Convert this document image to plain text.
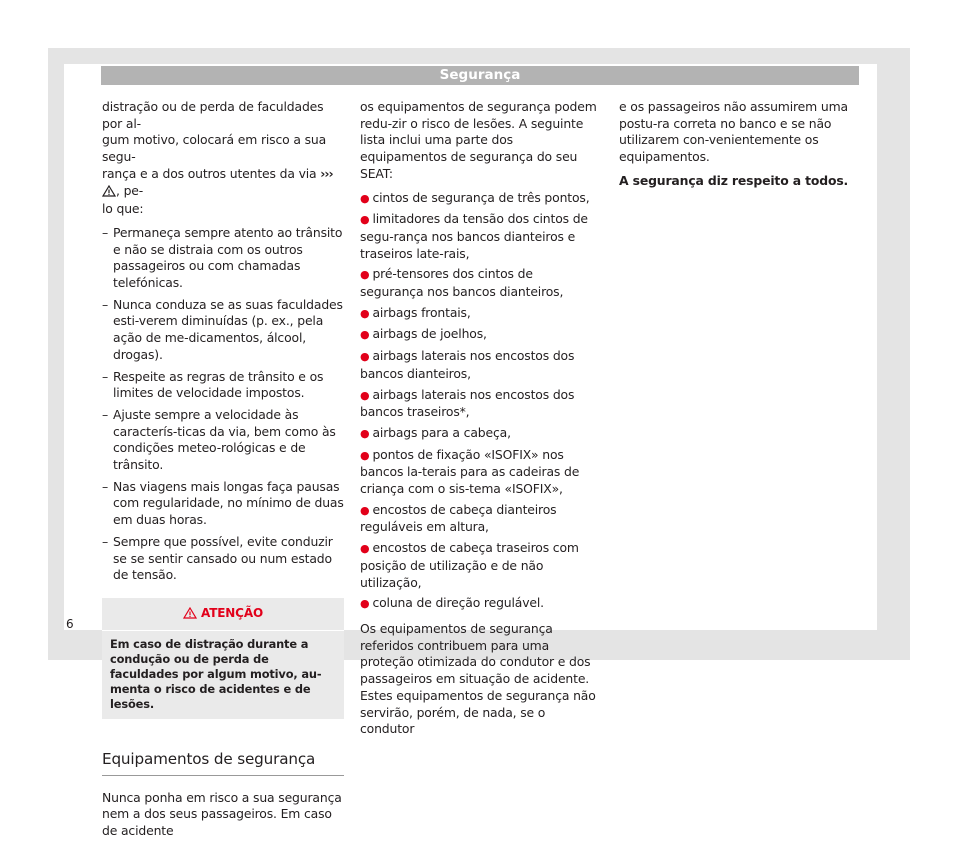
Segurança

distração ou de perda de faculdades por al-
gum motivo, colocará em risco a sua segu-
rança e a dos outros utentes da via ››› , pe-
lo que:

– Permaneça sempre atento ao trânsito e não se distraia com os outros passageiros ou com chamadas telefónicas.
– Nunca conduza se as suas faculdades esti-verem diminuídas (p. ex., pela ação de me-dicamentos, álcool, drogas).
– Respeite as regras de trânsito e os limites de velocidade impostos.
– Ajuste sempre a velocidade às caracterís-ticas da via, bem como às condições meteo-rológicas e de trânsito.
– Nas viagens mais longas faça pausas com regularidade, no mínimo de duas em duas horas.
– Sempre que possível, evite conduzir se se sentir cansado ou num estado de tensão.
ATENÇÃO
Em caso de distração durante a condução ou de perda de faculdades por algum motivo, au-menta o risco de acidentes e de lesões.
Equipamentos de segurança

Nunca ponha em risco a sua segurança nem a dos seus passageiros. Em caso de acidente

os equipamentos de segurança podem redu-zir o risco de lesões. A seguinte lista inclui uma parte dos equipamentos de segurança do seu SEAT:

● cintos de segurança de três pontos,
● limitadores da tensão dos cintos de segu-rança nos bancos dianteiros e traseiros late-rais,
● pré-tensores dos cintos de segurança nos bancos dianteiros,
● airbags frontais,
● airbags de joelhos,
● airbags laterais nos encostos dos bancos dianteiros,
● airbags laterais nos encostos dos bancos traseiros*,
● airbags para a cabeça,
● pontos de fixação «ISOFIX» nos bancos la-terais para as cadeiras de criança com o sis-tema «ISOFIX»,
● encostos de cabeça dianteiros reguláveis em altura,
● encostos de cabeça traseiros com posição de utilização e de não utilização,
● coluna de direção regulável.

Os equipamentos de segurança referidos contribuem para uma proteção otimizada do condutor e dos passageiros em situação de acidente. Estes equipamentos de segurança não servirão, porém, de nada, se o condutor

e os passageiros não assumirem uma postu-ra correta no banco e se não utilizarem con-venientemente os equipamentos.

A segurança diz respeito a todos.

6
